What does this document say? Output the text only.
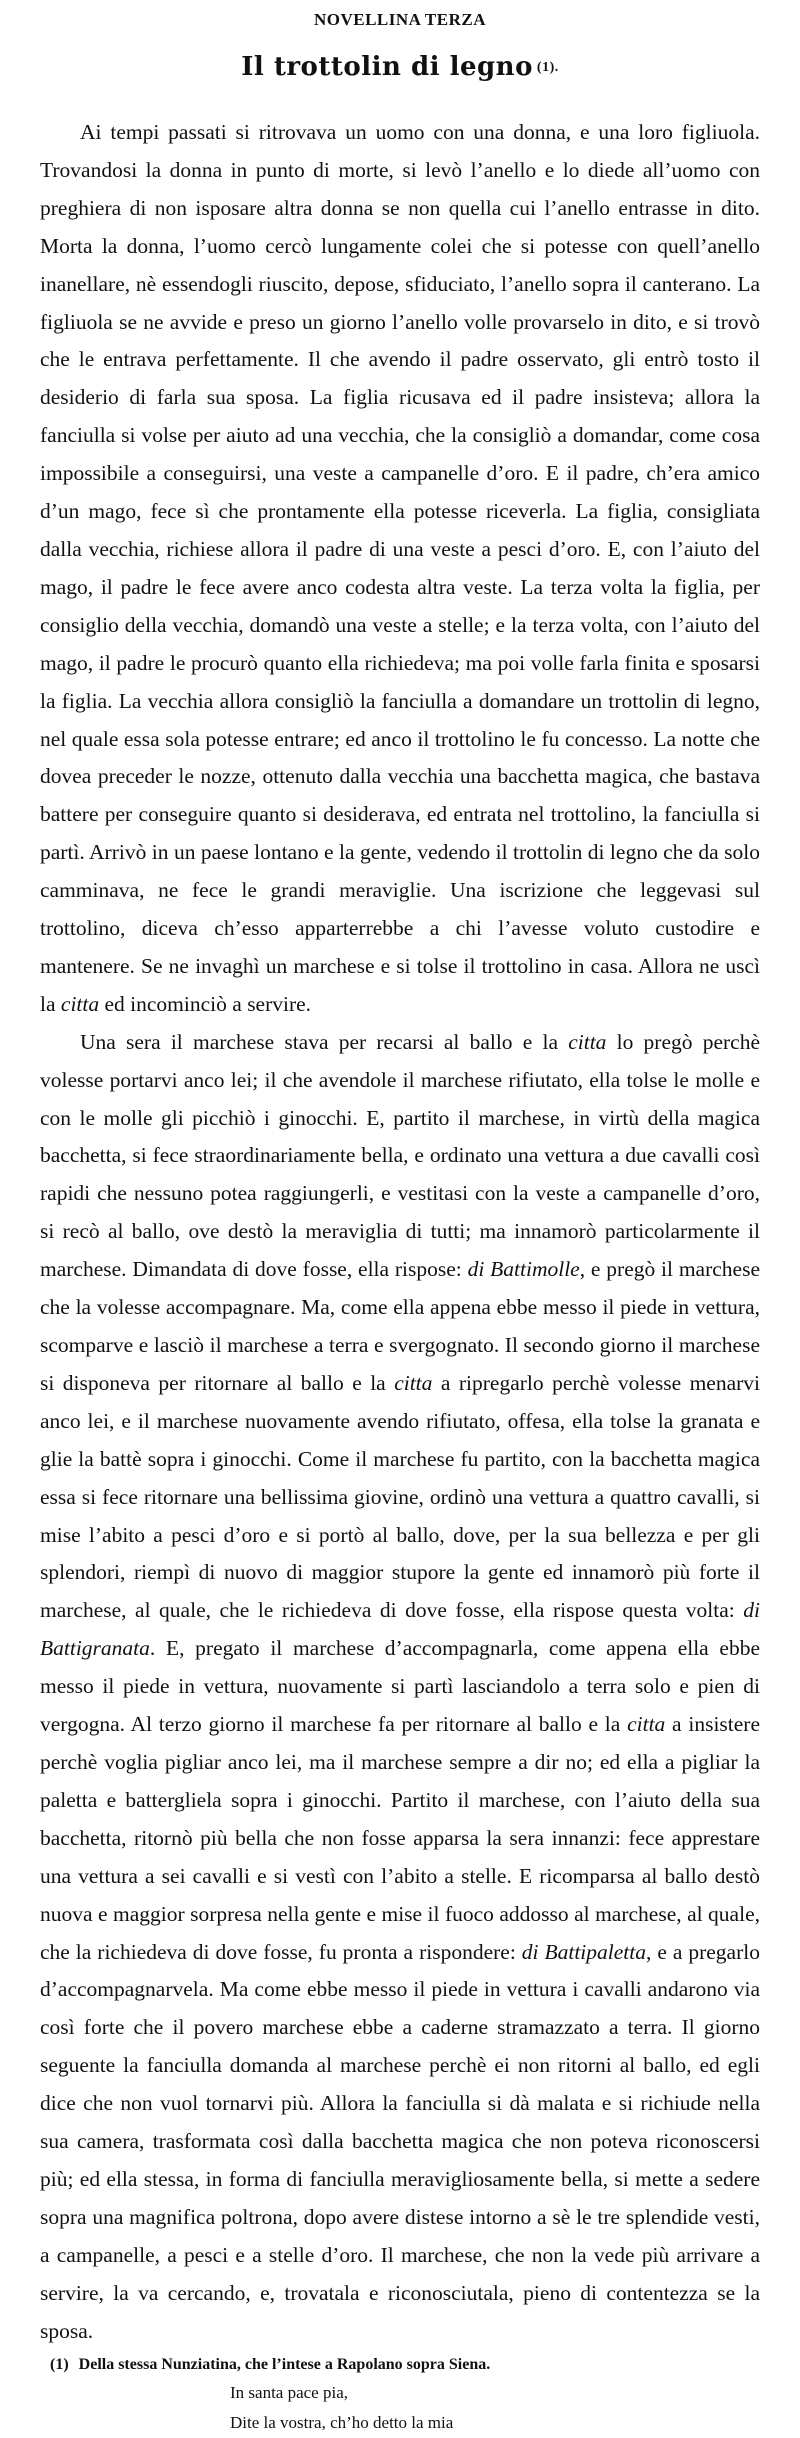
NOVELLINA TERZA
Il trottolin di legno (1).

Ai tempi passati si ritrovava un uomo con una donna, e una loro figliuola. Trovandosi la donna in punto di morte, si levò l’anello e lo diede all’uomo con preghiera di non isposare altra donna se non quella cui l’anello entrasse in dito. Morta la donna, l’uomo cercò lungamente colei che si potesse con quell’anello inanellare, nè essendogli riuscito, depose, sfiduciato, l’anello sopra il canterano. La figliuola se ne avvide e preso un giorno l’anello volle provarselo in dito, e si trovò che le entrava perfettamente. Il che avendo il padre osservato, gli entrò tosto il desiderio di farla sua sposa. La figlia ricusava ed il padre insisteva; allora la fanciulla si volse per aiuto ad una vecchia, che la consigliò a domandar, come cosa impossibile a conseguirsi, una veste a campanelle d’oro. E il padre, ch’era amico d’un mago, fece sì che prontamente ella potesse riceverla. La figlia, consigliata dalla vecchia, richiese allora il padre di una veste a pesci d’oro. E, con l’aiuto del mago, il padre le fece avere anco codesta altra veste. La terza volta la figlia, per consiglio della vecchia, domandò una veste a stelle; e la terza volta, con l’aiuto del mago, il padre le procurò quanto ella richiedeva; ma poi volle farla finita e sposarsi la figlia. La vecchia allora consigliò la fanciulla a domandare un trottolin di legno, nel quale essa sola potesse entrare; ed anco il trottolino le fu concesso. La notte che dovea preceder le nozze, ottenuto dalla vecchia una bacchetta magica, che bastava battere per conseguire quanto si desiderava, ed entrata nel trottolino, la fanciulla si partì. Arrivò in un paese lontano e la gente, vedendo il trottolin di legno che da solo camminava, ne fece le grandi meraviglie. Una iscrizione che leggevasi sul trottolino, diceva ch’esso apparterrebbe a chi l’avesse voluto custodire e mantenere. Se ne invaghì un marchese e si tolse il trottolino in casa. Allora ne uscì la citta ed incominciò a servire.

Una sera il marchese stava per recarsi al ballo e la citta lo pregò perchè volesse portarvi anco lei; il che avendole il marchese rifiutato, ella tolse le molle e con le molle gli picchiò i ginocchi. E, partito il marchese, in virtù della magica bacchetta, si fece straordinariamente bella, e ordinato una vettura a due cavalli così rapidi che nessuno potea raggiungerli, e vestitasi con la veste a campanelle d’oro, si recò al ballo, ove destò la meraviglia di tutti; ma innamorò particolarmente il marchese. Dimandata di dove fosse, ella rispose: di Battimolle, e pregò il marchese che la volesse accompagnare. Ma, come ella appena ebbe messo il piede in vettura, scomparve e lasciò il marchese a terra e svergognato. Il secondo giorno il marchese si disponeva per ritornare al ballo e la citta a ripregarlo perchè volesse menarvi anco lei, e il marchese nuovamente avendo rifiutato, offesa, ella tolse la granata e glie la battè sopra i ginocchi. Come il marchese fu partito, con la bacchetta magica essa si fece ritornare una bellissima giovine, ordinò una vettura a quattro cavalli, si mise l’abito a pesci d’oro e si portò al ballo, dove, per la sua bellezza e per gli splendori, riempì di nuovo di maggior stupore la gente ed innamorò più forte il marchese, al quale, che le richiedeva di dove fosse, ella rispose questa volta: di Battigranata. E, pregato il marchese d’accompagnarla, come appena ella ebbe messo il piede in vettura, nuovamente si partì lasciandolo a terra solo e pien di vergogna. Al terzo giorno il marchese fa per ritornare al ballo e la citta a insistere perchè voglia pigliar anco lei, ma il marchese sempre a dir no; ed ella a pigliar la paletta e battergliela sopra i ginocchi. Partito il marchese, con l’aiuto della sua bacchetta, ritornò più bella che non fosse apparsa la sera innanzi: fece apprestare una vettura a sei cavalli e si vestì con l’abito a stelle. E ricomparsa al ballo destò nuova e maggior sorpresa nella gente e mise il fuoco addosso al marchese, al quale, che la richiedeva di dove fosse, fu pronta a rispondere: di Battipaletta, e a pregarlo d’accompagnarvela. Ma come ebbe messo il piede in vettura i cavalli andarono via così forte che il povero marchese ebbe a caderne stramazzato a terra. Il giorno seguente la fanciulla domanda al marchese perchè ei non ritorni al ballo, ed egli dice che non vuol tornarvi più. Allora la fanciulla si dà malata e si richiude nella sua camera, trasformata così dalla bacchetta magica che non poteva riconoscersi più; ed ella stessa, in forma di fanciulla meravigliosamente bella, si mette a sedere sopra una magnifica poltrona, dopo avere distese intorno a sè le tre splendide vesti, a campanelle, a pesci e a stelle d’oro. Il marchese, che non la vede più arrivare a servire, la va cercando, e, trovatala e riconosciutala, pieno di contentezza se la sposa.

In santa pace pia,
Dite la vostra, ch’ho detto la mia
(1) Della stessa Nunziatina, che l’intese a Rapolano sopra Siena.
